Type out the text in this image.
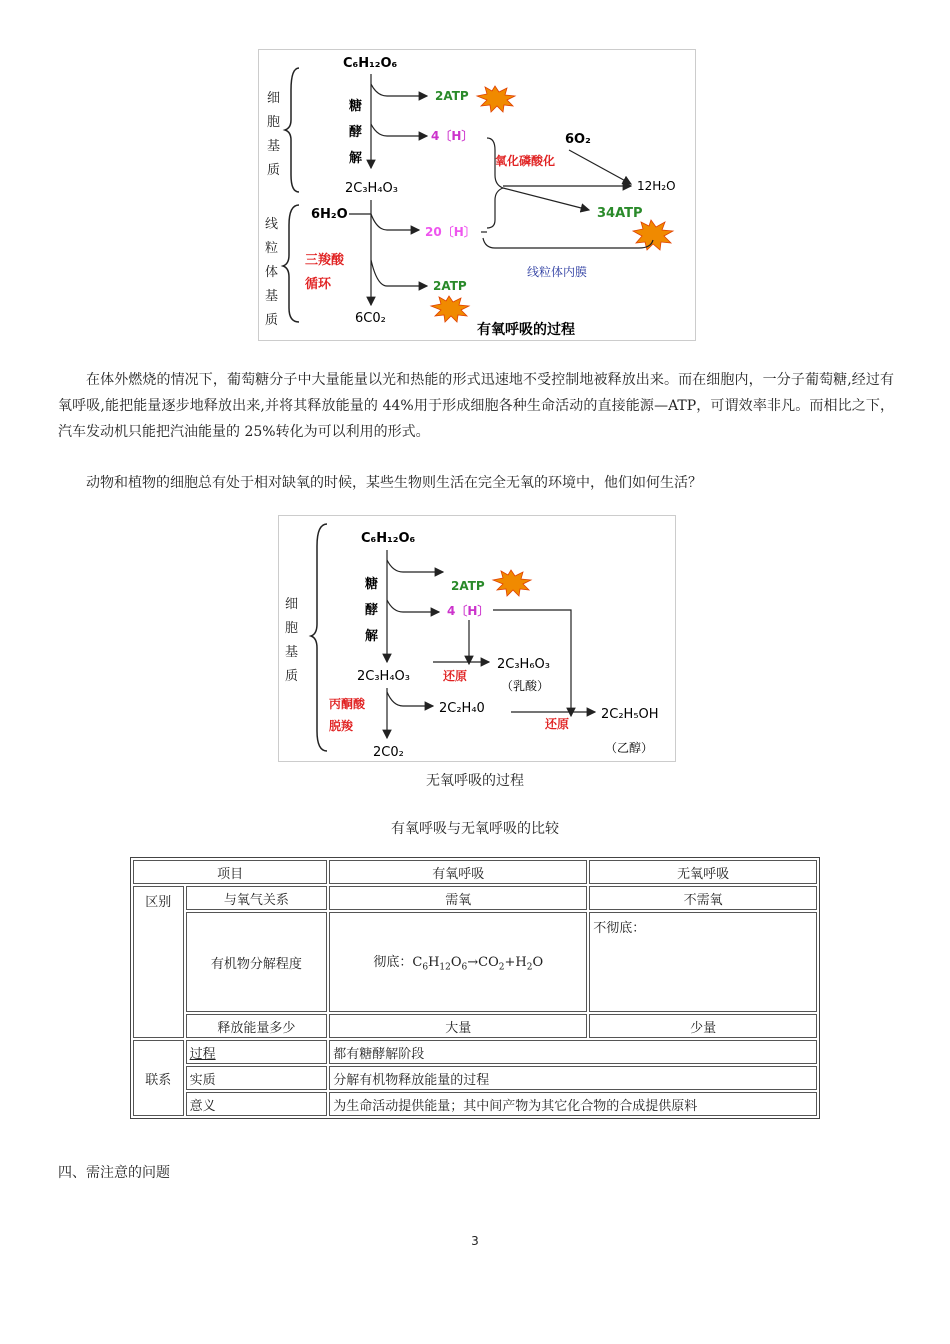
细
胞
基
质
线
粒
体
基
质
C₆H₁₂O₆
糖
酵
解
2ATP
4〔H〕
2C₃H₄O₃
氧化磷酸化
6O₂
12H₂O
34ATP
6H₂O
20〔H〕
线粒体内膜
三羧酸
循环	2ATP
6C0₂
有氧呼吸的过程

在体外燃烧的情况下，葡萄糖分子中大量能量以光和热能的形式迅速地不受控制地被释放出来。而在细胞内，一分子葡萄糖,经过有氧呼吸,能把能量逐步地释放出来,并将其释放能量的 44%用于形成细胞各种生命活动的直接能源—ATP，可谓效率非凡。而相比之下，汽车发动机只能把汽油能量的 25%转化为可以利用的形式。

动物和植物的细胞总有处于相对缺氧的时候，某些生物则生活在完全无氧的环境中，他们如何生活？

细
胞
基
质
C₆H₁₂O₆
糖
酵
解
2ATP
4〔H〕
2C₃H₄O₃	还原
2C₃H₆O₃
（乳酸）
丙酮酸
脱羧
2C₂H₄0
还原
2C₂H₅OH
（乙醇）
2C0₂
无氧呼吸的过程
有氧呼吸与无氧呼吸的比较
项目		有氧呼吸	无氧呼吸
区别	与氧气关系	需氧	不需氧
	有机物分解程度	彻底：$C_6H_{12}O_6\to CO_2+H_2O$	不彻底：
	释放能量多少	大量	少量
联系	过程	都有糖酵解阶段	
	实质	分解有机物释放能量的过程	
	意义	为生命活动提供能量；其中间产物为其它化合物的合成提供原料	
四、需注意的问题
3
